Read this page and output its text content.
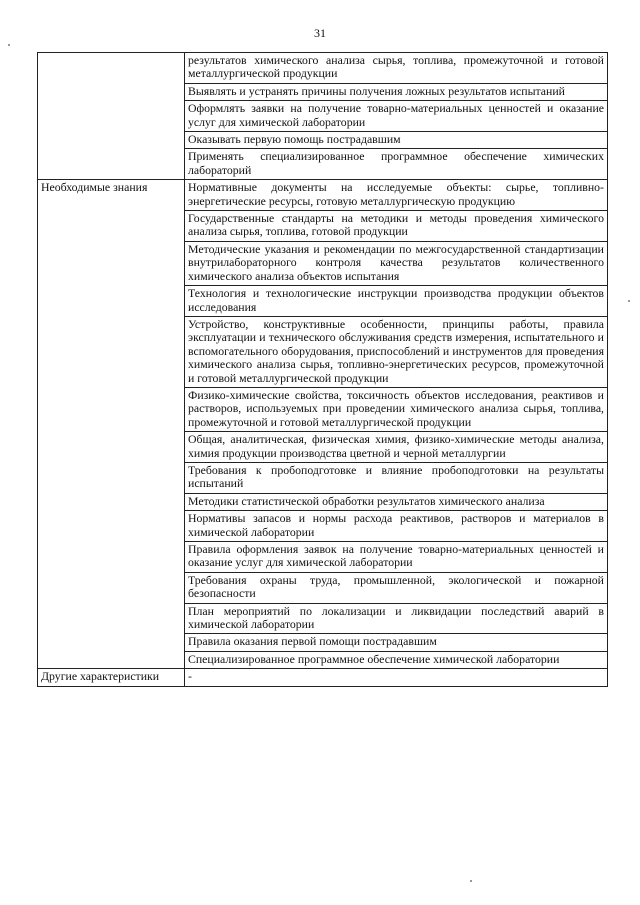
31
	результатов химического анализа сырья, топлива, промежуточной и готовой металлургической продукции
	Выявлять и устранять причины получения ложных результатов испытаний
	Оформлять заявки на получение товарно-материальных ценностей и оказание услуг для химической лаборатории
	Оказывать первую помощь пострадавшим
	Применять специализированное программное обеспечение химических лабораторий
Необходимые знания	Нормативные документы на исследуемые объекты: сырье, топливно-энергетические ресурсы, готовую металлургическую продукцию
	Государственные стандарты на методики и методы проведения химического анализа сырья, топлива, готовой продукции
	Методические указания и рекомендации по межгосударственной стандартизации внутрилабораторного контроля качества результатов количественного химического анализа объектов испытания
	Технология и технологические инструкции производства продукции объектов исследования
	Устройство, конструктивные особенности, принципы работы, правила эксплуатации и технического обслуживания средств измерения, испытательного и вспомогательного оборудования, приспособлений и инструментов для проведения химического анализа сырья, топливно-энергетических ресурсов, промежуточной и готовой металлургической продукции
	Физико-химические свойства, токсичность объектов исследования, реактивов и растворов, используемых при проведении химического анализа сырья, топлива, промежуточной и готовой металлургической продукции
	Общая, аналитическая, физическая химия, физико-химические методы анализа, химия продукции производства цветной и черной металлургии
	Требования к пробоподготовке и влияние пробоподготовки на результаты испытаний
	Методики статистической обработки результатов химического анализа
	Нормативы запасов и нормы расхода реактивов, растворов и материалов в химической лаборатории
	Правила оформления заявок на получение товарно-материальных ценностей и оказание услуг для химической лаборатории
	Требования охраны труда, промышленной, экологической и пожарной безопасности
	План мероприятий по локализации и ликвидации последствий аварий в химической лаборатории
	Правила оказания первой помощи пострадавшим
	Специализированное программное обеспечение химической лаборатории
Другие характеристики	-
